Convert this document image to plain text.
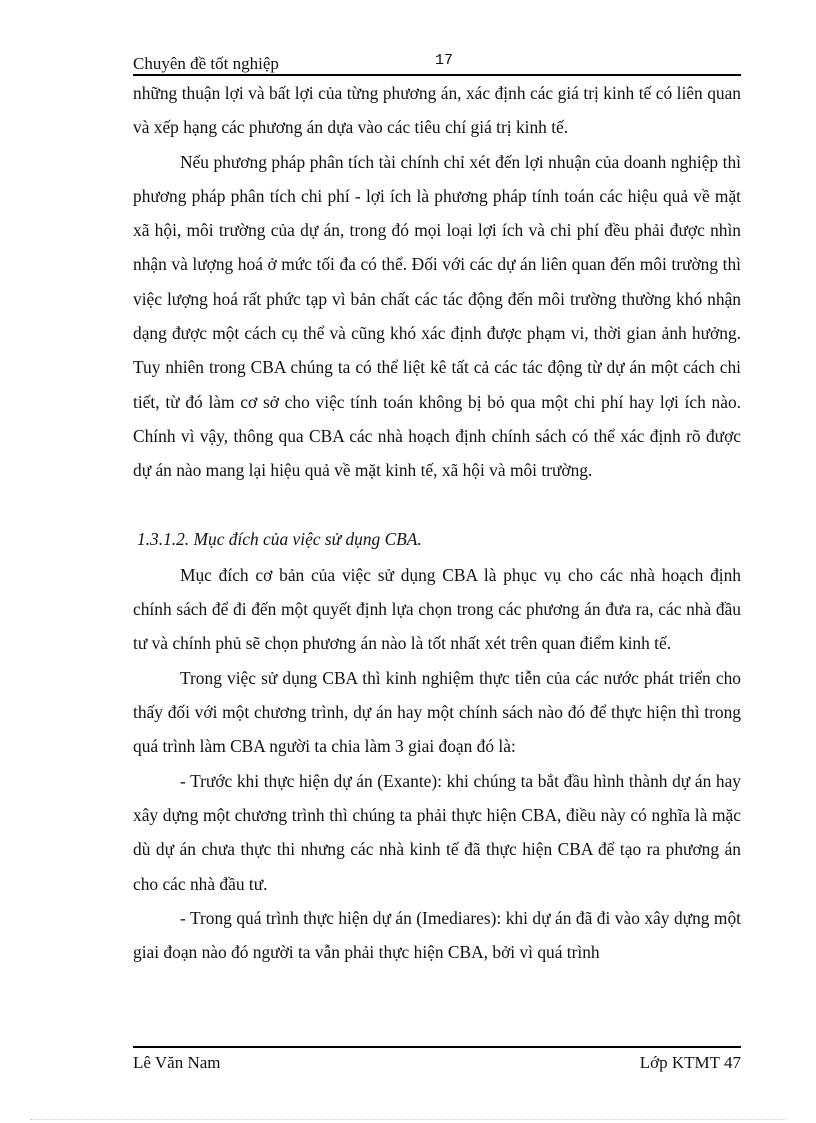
Chuyên đề tốt nghiệp	17

những thuận lợi và bất lợi của từng phương án, xác định các giá trị kinh tế có liên quan và xếp hạng các phương án dựa vào các tiêu chí giá trị kinh tế.

Nếu phương pháp phân tích tài chính chỉ xét đến lợi nhuận của doanh nghiệp thì phương pháp phân tích chi phí - lợi ích là phương pháp tính toán các hiệu quả về mặt xã hội, môi trường của dự án, trong đó mọi loại lợi ích và chi phí đều phải được nhìn nhận và lượng hoá ở mức tối đa có thể. Đối với các dự án liên quan đến môi trường thì việc lượng hoá rất phức tạp vì bản chất các tác động đến môi trường thường khó nhận dạng được một cách cụ thể và cũng khó xác định được phạm vi, thời gian ảnh hưởng. Tuy nhiên trong CBA chúng ta có thể liệt kê tất cả các tác động từ dự án một cách chi tiết, từ đó làm cơ sở cho việc tính toán không bị bỏ qua một chi phí hay lợi ích nào. Chính vì vậy, thông qua CBA các nhà hoạch định chính sách có thể xác định rõ được dự án nào mang lại hiệu quả về mặt kinh tế, xã hội và môi trường.

1.3.1.2. Mục đích của việc sử dụng CBA.

Mục đích cơ bản của việc sử dụng CBA là phục vụ cho các nhà hoạch định chính sách để đi đến một quyết định lựa chọn trong các phương án đưa ra, các nhà đầu tư và chính phủ sẽ chọn phương án nào là tốt nhất xét trên quan điểm kinh tế.

Trong việc sử dụng CBA thì kinh nghiệm thực tiễn của các nước phát triển cho thấy đối với một chương trình, dự án hay một chính sách nào đó để thực hiện thì trong quá trình làm CBA người ta chia làm 3 giai đoạn đó là:

- Trước khi thực hiện dự án (Exante): khi chúng ta bắt đầu hình thành dự án hay xây dựng một chương trình thì chúng ta phải thực hiện CBA, điều này có nghĩa là mặc dù dự án chưa thực thi nhưng các nhà kinh tế đã thực hiện CBA để tạo ra phương án cho các nhà đầu tư.

- Trong quá trình thực hiện dự án (Imediares): khi dự án đã đi vào xây dựng một giai đoạn nào đó người ta vẫn phải thực hiện CBA, bởi vì quá trình

Lê Văn Nam	Lớp KTMT 47
